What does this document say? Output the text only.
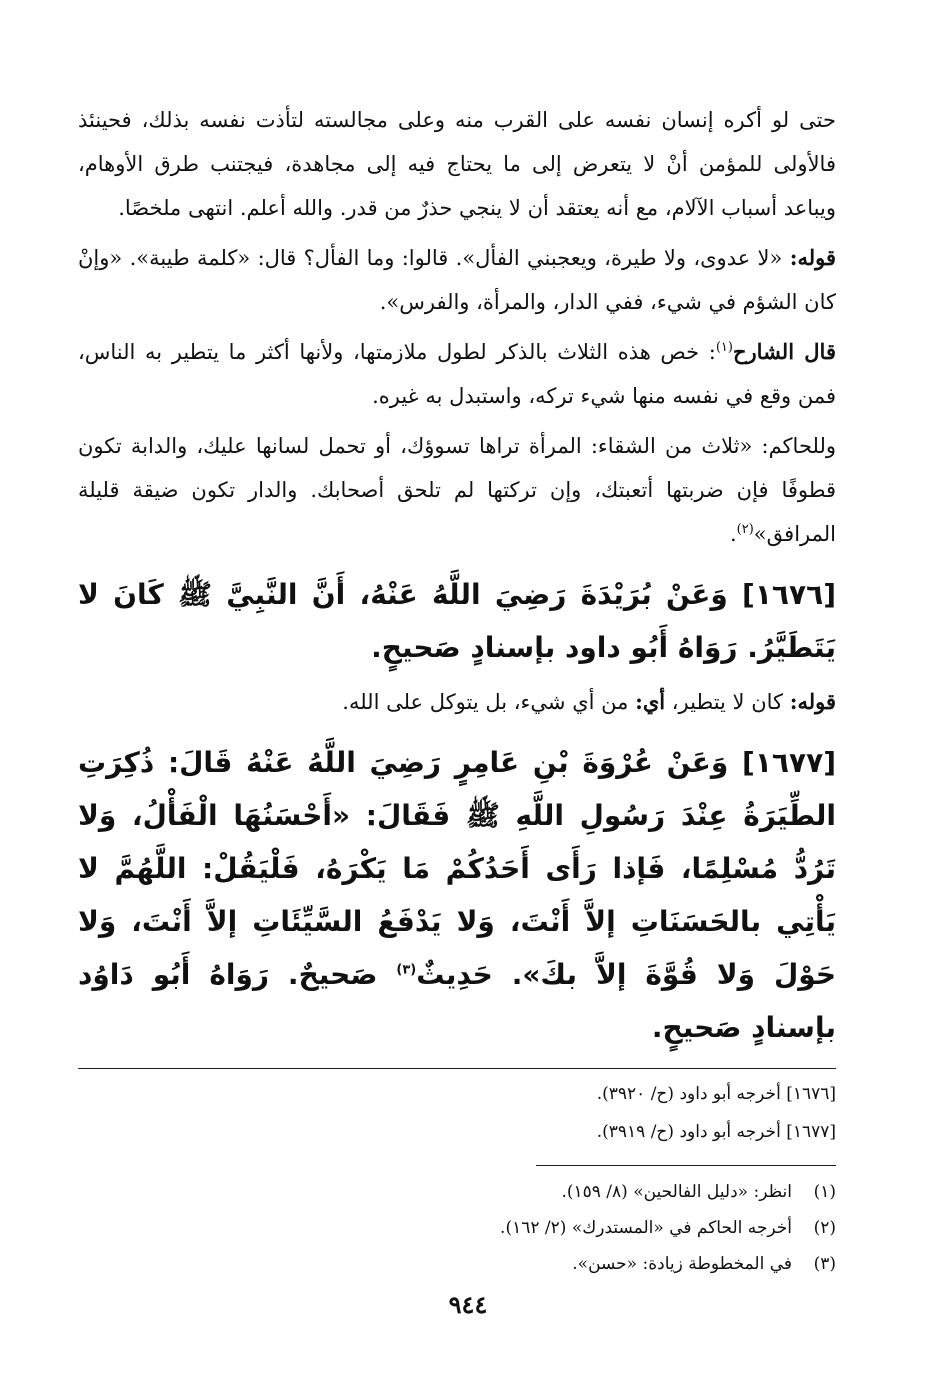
حتى لو أكره إنسان نفسه على القرب منه وعلى مجالسته لتأذت نفسه بذلك، فحينئذ فالأولى للمؤمن أنْ لا يتعرض إلى ما يحتاج فيه إلى مجاهدة، فيجتنب طرق الأوهام، ويباعد أسباب الآلام، مع أنه يعتقد أن لا ينجي حذرٌ من قدر. والله أعلم. انتهى ملخصًا.

قوله: «لا عدوى، ولا طيرة، ويعجبني الفأل». قالوا: وما الفأل؟ قال: «كلمة طيبة». «وإنْ كان الشؤم في شيء، ففي الدار، والمرأة، والفرس».

قال الشارح$^{(١)}$: خص هذه الثلاث بالذكر لطول ملازمتها، ولأنها أكثر ما يتطير به الناس، فمن وقع في نفسه منها شيء تركه، واستبدل به غيره.

وللحاكم: «ثلاث من الشقاء: المرأة تراها تسوؤك، أو تحمل لسانها عليك، والدابة تكون قطوفًا فإن ضربتها أتعبتك، وإن تركتها لم تلحق أصحابك. والدار تكون ضيقة قليلة المرافق»$^{(٢)}$.

[١٦٧٦] وَعَنْ بُرَيْدَةَ رَضِيَ اللَّهُ عَنْهُ، أَنَّ النَّبِيَّ ﷺ كَانَ لا يَتَطَيَّرُ. رَوَاهُ أَبُو داود بإسنادٍ صَحيحٍ.

قوله: كان لا يتطير، أي: من أي شيء، بل يتوكل على الله.

[١٦٧٧] وَعَنْ عُرْوَةَ بْنِ عَامِرٍ رَضِيَ اللَّهُ عَنْهُ قَالَ: ذُكِرَتِ الطِّيَرَةُ عِنْدَ رَسُولِ اللَّهِ ﷺ فَقَالَ: «أَحْسَنُهَا الْفَأْلُ، وَلا تَرُدُّ مُسْلِمًا، فَإذا رَأَى أَحَدُكُمْ مَا يَكْرَهُ، فَلْيَقُلْ: اللَّهُمَّ لا يَأْتِي بالحَسَنَاتِ إلاَّ أَنْتَ، وَلا يَدْفَعُ السَّيِّئَاتِ إلاَّ أَنْتَ، وَلا حَوْلَ وَلا قُوَّةَ إلاَّ بكَ». حَدِيثٌ$^{(٣)}$ صَحيحٌ. رَوَاهُ أَبُو دَاوُد بإسنادٍ صَحيحٍ.

[١٦٧٦] أخرجه أبو داود (ح/ ٣٩٢٠).

[١٦٧٧] أخرجه أبو داود (ح/ ٣٩١٩).

(١)
انظر: «دليل الفالحين» (٨/ ١٥٩).

(٢)
أخرجه الحاكم في «المستدرك» (٢/ ١٦٢).

(٣)
في المخطوطة زيادة: «حسن».

٩٤٤
